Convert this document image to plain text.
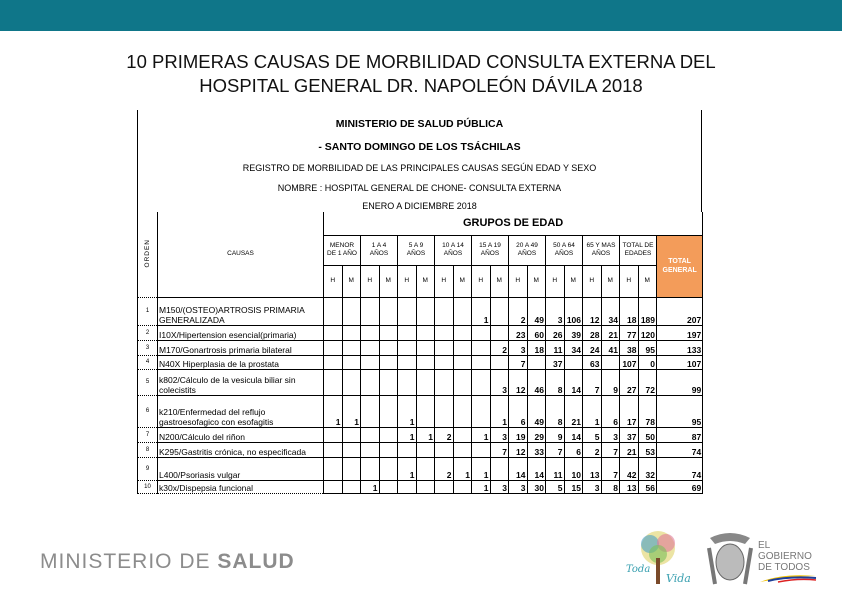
10 PRIMERAS CAUSAS DE MORBILIDAD CONSULTA EXTERNA DEL
HOSPITAL GENERAL DR. NAPOLEÓN DÁVILA 2018
MINISTERIO DE SALUD PÚBLICA
- SANTO DOMINGO DE LOS TSÁCHILAS
REGISTRO DE MORBILIDAD DE LAS PRINCIPALES CAUSAS SEGÚN EDAD Y SEXO
NOMBRE : HOSPITAL GENERAL DE CHONE- CONSULTA EXTERNA
ENERO A DICIEMBRE 2018
ORDEN	CAUSAS	GRUPOS DE EDAD																		
		MENOR DE 1 AÑO		1 A 4 AÑOS		5 A 9 AÑOS		10 A 14 AÑOS		15 A 19 AÑOS		20 A 49 AÑOS		50 A 64 AÑOS		65 Y MAS AÑOS		TOTAL DE EDADES		TOTAL GENERAL
		H	M	H	M	H	M	H	M	H	M	H	M	H	M	H	M	H	M	
1	M150/(OSTEO)ARTROSIS PRIMARIA GENERALIZADA									1		2	49	3	106	12	34	18	189	207
2	I10X/Hipertension esencial(primaria)											23	60	26	39	28	21	77	120	197
3	M170/Gonartrosis primaria bilateral										2	3	18	11	34	24	41	38	95	133
4	N40X Hiperplasia de la prostata											7		37		63		107	0	107
5	k802/Cálculo de la vesicula biliar sin colecistits										3	12	46	8	14	7	9	27	72	99
6	k210/Enfermedad del reflujo gastroesofagico con esofagitis	1	1			1					1	6	49	8	21	1	6	17	78	95
7	N200/Cálculo del riñon					1	1	2		1	3	19	29	9	14	5	3	37	50	87
8	K295/Gastritis crónica, no especificada										7	12	33	7	6	2	7	21	53	74
9	L400/Psoriasis vulgar					1		2	1	1		14	14	11	10	13	7	42	32	74
10	k30x/Dispepsia funcional			1						1	3	3	30	5	15	3	8	13	56	69
MINISTERIO DE SALUD	Toda
Vida
EL
GOBIERNO
DE TODOS
